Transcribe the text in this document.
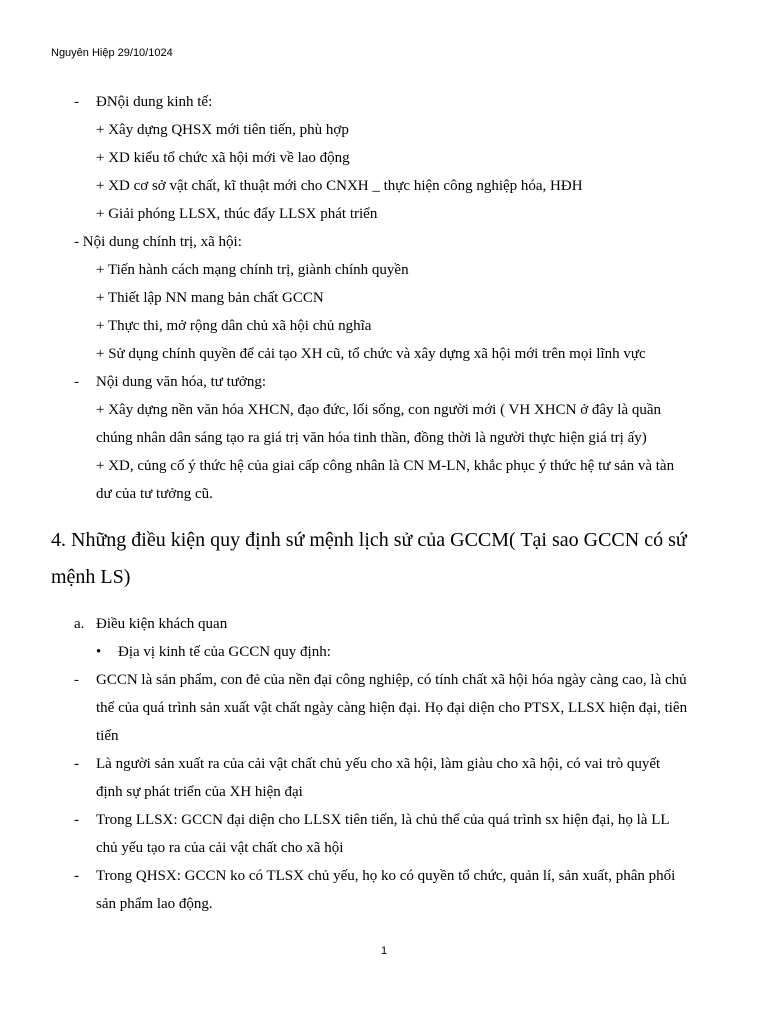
Nguyên Hiệp 29/10/1024
- ĐNội dung kinh tế:
+ Xây dựng QHSX mới tiên tiến, phù hợp
+ XD kiểu tổ chức xã hội mới về lao động
+ XD cơ sở vật chất, kĩ thuật mới cho CNXH _ thực hiện công nghiệp hóa, HĐH
+ Giải phóng LLSX, thúc đẩy LLSX phát triển
- Nội dung chính trị, xã hội:
+ Tiến hành cách mạng chính trị, giành chính quyền
+ Thiết lập NN mang bản chất GCCN
+ Thực thi, mở rộng dân chủ xã hội chủ nghĩa
+ Sử dụng chính quyền để cải tạo XH cũ, tổ chức và xây dựng xã hội mới trên mọi lĩnh vực
- Nội dung văn hóa, tư tưởng:
+ Xây dựng nền văn hóa XHCN, đạo đức, lối sống, con người mới ( VH XHCN ở đây là quần
chúng nhân dân sáng tạo ra giá trị văn hóa tinh thần, đồng thời là người thực hiện giá trị ấy)
+ XD, củng cố ý thức hệ của giai cấp công nhân là CN M-LN, khắc phục ý thức hệ tư sản và tàn
dư của tư tưởng cũ.
4. Những điều kiện quy định sứ mệnh lịch sử của GCCM( Tại sao GCCN có sứ
mệnh LS)
a. Điều kiện khách quan
• Địa vị kinh tế của GCCN quy định:
- GCCN là sản phẩm, con đẻ của nền đại công nghiệp, có tính chất xã hội hóa ngày càng cao, là chủ
thể của quá trình sản xuất vật chất ngày càng hiện đại. Họ đại diện cho PTSX, LLSX hiện đại, tiên
tiến
- Là người sản xuất ra của cải vật chất chủ yếu cho xã hội, làm giàu cho xã hội, có vai trò quyết
định sự phát triển của XH hiện đại
- Trong LLSX: GCCN đại diện cho LLSX tiên tiến, là chủ thể của quá trình sx hiện đại, họ là LL
chủ yếu tạo ra của cải vật chất cho xã hội
- Trong QHSX: GCCN ko có TLSX chủ yếu, họ ko có quyền tổ chức, quản lí, sản xuất, phân phối
sản phẩm lao động.
1
